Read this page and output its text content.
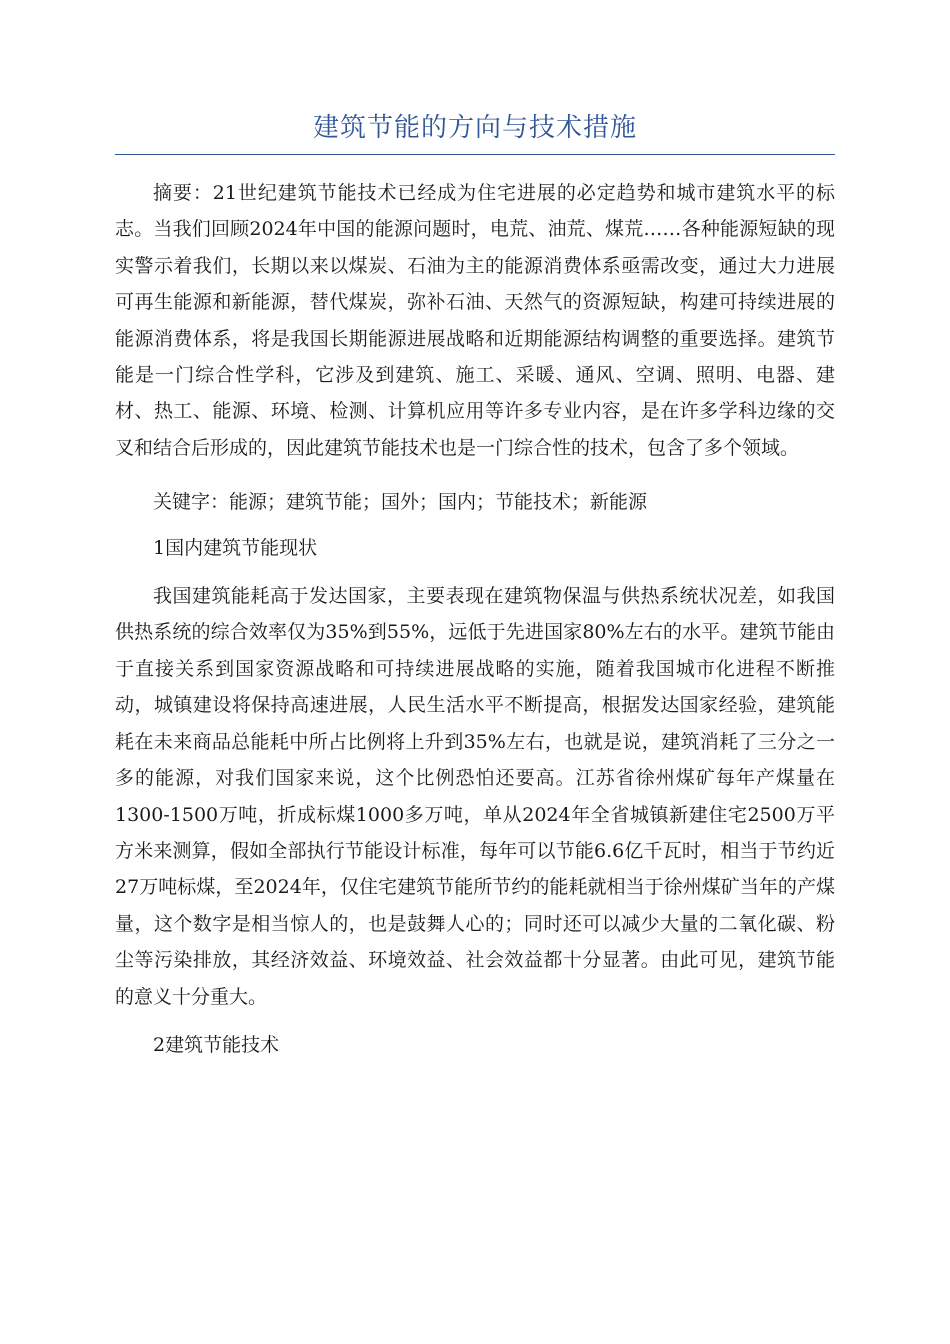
建筑节能的方向与技术措施

摘要：21世纪建筑节能技术已经成为住宅进展的必定趋势和城市建筑水平的标志。当我们回顾2024年中国的能源问题时，电荒、油荒、煤荒……各种能源短缺的现实警示着我们，长期以来以煤炭、石油为主的能源消费体系亟需改变，通过大力进展可再生能源和新能源，替代煤炭，弥补石油、天然气的资源短缺，构建可持续进展的能源消费体系，将是我国长期能源进展战略和近期能源结构调整的重要选择。建筑节能是一门综合性学科，它涉及到建筑、施工、采暖、通风、空调、照明、电器、建材、热工、能源、环境、检测、计算机应用等许多专业内容，是在许多学科边缘的交叉和结合后形成的，因此建筑节能技术也是一门综合性的技术，包含了多个领域。

关键字：能源；建筑节能；国外；国内；节能技术；新能源

1国内建筑节能现状

我国建筑能耗高于发达国家，主要表现在建筑物保温与供热系统状况差，如我国供热系统的综合效率仅为35%到55%，远低于先进国家80%左右的水平。建筑节能由于直接关系到国家资源战略和可持续进展战略的实施，随着我国城市化进程不断推动，城镇建设将保持高速进展，人民生活水平不断提高，根据发达国家经验，建筑能耗在未来商品总能耗中所占比例将上升到35%左右，也就是说，建筑消耗了三分之一多的能源，对我们国家来说，这个比例恐怕还要高。江苏省徐州煤矿每年产煤量在1300-1500万吨，折成标煤1000多万吨，单从2024年全省城镇新建住宅2500万平方米来测算，假如全部执行节能设计标准，每年可以节能6.6亿千瓦时，相当于节约近27万吨标煤，至2024年，仅住宅建筑节能所节约的能耗就相当于徐州煤矿当年的产煤量，这个数字是相当惊人的，也是鼓舞人心的；同时还可以减少大量的二氧化碳、粉尘等污染排放，其经济效益、环境效益、社会效益都十分显著。由此可见，建筑节能的意义十分重大。

2建筑节能技术
